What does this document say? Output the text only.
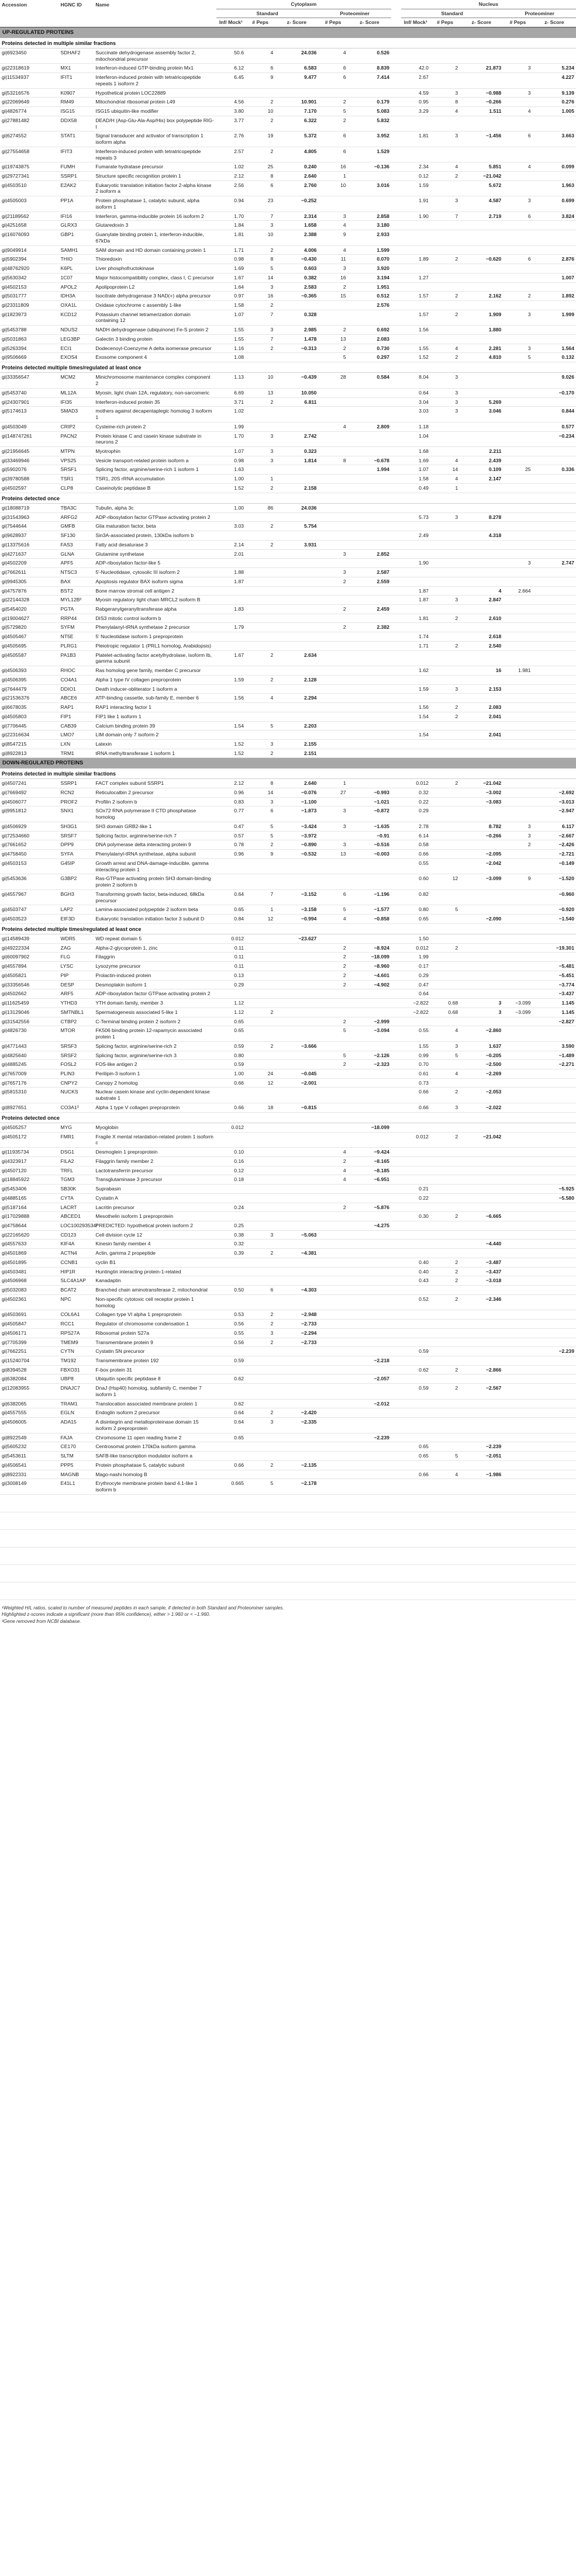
Accession	HGNC ID	Name	Cytoplasm						Nucleus				
			Standard			Proteominer			Standard			Proteominer	
			Inf/ Mock¹	# Peps	z- Score	# Peps	z- Score		Inf/ Mock¹	# Peps	z- Score	# Peps	z- Score
UP-REGULATED PROTEINS													
Proteins detected in multiple similar fractions													
gi|6923450	SDHAF2	Succinate dehydrogenase assembly factor 2, mitochondrial precursor	50.6	4	24.036	4	0.526						
gi|22318619	MX1	Interferon-induced GTP-binding protein Mx1	6.12	6	6.583	6	8.839		42.0	2	21.873	3	5.234
gi|11534937	IFIT1	Interferon-induced protein with tetratricopeptide repeats 1 isoform 2	6.45	9	9.477	6	7.414		2.67				4.227
gi|53216576	K0907	Hypothetical protein LOC22889							4.59	3	−0.988	3	9.139
gi|22069649	RM49	Mitochondrial ribosomal protein L49	4.56	2	10.901	2	0.179		0.95	8	−0.266		0.276
gi|4826774	ISG15	ISG15 ubiquitin-like modifier	3.80	10	7.170	5	5.083		3.29	4	1.511	4	1.005
gi|27881482	DDX58	DEAD/H (Asp-Glu-Ala-Asp/His) box polypeptide RIG-I	3.77	2	6.322	2	5.832						
gi|6274552	STAT1	Signal transducer and activator of transcription 1 isoform alpha	2.76	19	5.372	6	3.952		1.81	3	−1.456	6	3.663
gi|27554658	IFIT3	Interferon-induced protein with tetratricopeptide repeats 3	2.57	2	4.805	6	1.529						
gi|19743875	FUMH	Fumarate hydratase precursor	1.02	25	0.240	16	−0.136		2.34	4	5.851	4	0.099
gi|29727341	SSRP1	Structure specific recognition protein 1	2.12	8	2.640	1			0.12	2	−21.042		
gi|4503510	E2AK2	Eukaryotic translation initiation factor 2-alpha kinase 2 isoform a	2.56	6	2.760	10	3.016		1.59		5.672		1.963
gi|4505003	PP1A	Protein phosphatase 1, catalytic subunit, alpha isoform 1	0.94	23	−0.252				1.91	3	4.587	3	0.699
gi|21189562	IFI16	Interferon, gamma-inducible protein 16 isoform 2	1.70	7	2.314	3	2.858		1.90	7	2.719	6	3.824
gi|4251658	GLRX3	Glutaredoxin 3	1.84	3	1.658	4	3.180						
gi|16076093	GBP1	Guanylate binding protein 1, interferon-inducible, 67kDa	1.81	10	2.388	9	2.933						
gi|9049914	SAMH1	SAM domain and HD domain containing protein 1	1.71	2	4.006	4	1.599						
gi|5902394	THIO	Thioredoxin	0.98	8	−0.430	11	0.070		1.89	2	−0.620	6	2.876
gi|48762920	K6PL	Liver phosphofructokinase	1.69	5	0.603	3	3.920						
gi|5630342	1C07	Major histocompatibility complex, class I, C precursor	1.67	14	0.382	16	3.194		1.27				1.007
gi|4502153	APOL2	Apolipoprotein L2	1.64	3	2.583	2	1.951						
gi|5031777	IDH3A	Isocitrate dehydrogenase 3 NAD(+) alpha precursor	0.97	16	−0.365	15	0.512		1.57	2	2.162	2	1.892
gi|23311809	OXA1L	Oxidase cytochrome c assembly 1-like	1.58	2			2.576						
gi|1823973	KCD12	Potassium channel tetramerization domain containing 12	1.07	7	0.328				1.57	2	1.909	3	1.999
gi|5453788	NDUS2	NADH dehydrogenase (ubiquinone) Fe-S protein 2	1.55	3	2.985	2	0.692		1.56		1.880		
gi|5031863	LEG3BP	Galectin 3 binding protein	1.55	7	1.478	13	2.083						
gi|5263394	ECI1	Dodecenoyl-Coenzyme A delta isomerase precursor	1.16	2	−0.313	2	0.730		1.55	4	2.281	3	1.564
gi|9506669	EXOS4	Exosome component 4	1.08			5	0.297		1.52	2	4.810	5	0.132
Proteins detected multiple times/regulated at least once													
gi|33356547	MCM2	Minichromosome maintenance complex component 2	1.13	10	−0.439	28	0.584		8.04	3			9.026
gi|5453740	ML12A	Myosin, light chain 12A, regulatory, non-sarcomeric	6.69	13	10.050				0.64	3			−0.170
gi|24307901	IFI35	Interferon-induced protein 35	3.71	2	6.811				3.04	3	5.269		
gi|5174613	SMAD3	mothers against decapentaplegic homolog 3 isoform 1	1.02						3.03	3	3.046		0.844
gi|4503049	CRIP2	Cysteine-rich protein 2	1.99			4	2.809		1.18				0.577
gi|148747261	PACN2	Protein kinase C and casein kinase substrate in neurons 2	1.70	3	2.742				1.04				−0.234
gi|21956645	MTPN	Myotrophin	1.07	3	0.323				1.68		2.211		
gi|33469946	VPS25	Vesicle transport-related protein isoform a	0.98	3	1.814	8	−0.678		1.69	4	2.439		
gi|5902076	SRSF1	Splicing factor, arginine/serine-rich 1 isoform 1	1.63				1.994		1.07	14	0.109	25	0.336
gi|39780588	TSR1	TSR1, 20S rRNA accumulation	1.00	1					1.58	4	2.147		
gi|4502597	CLP8	Caseinolytic peptidase B	1.52	2	2.158				0.49	1			
Proteins detected once													
gi|18088719	TBA3C	Tubulin, alpha 3c	1.00	86	24.036								
gi|31543963	ARFG2	ADP-ribosylation factor GTPase activating protein 2							5.73	3	8.278		
gi|7544644	GMFB	Glia maturation factor, beta	3.03	2	5.754								
gi|9628937	SF130	Sin3A-associated protein, 130kDa isoform b							2.49		4.318		
gi|13375616	FAS3	Fatty acid desaturase 3	2.14	2	3.931								
gi|4271637	GLNA	Glutamine synthetase	2.01			3	2.852						
gi|4502209	APF5	ADP-ribosylation factor-like 5							1.90			3	2.747
gi|7662611	NTSC3	5′-Nucleotidase, cytosolic III isoform 2	1.88			3	2.587						
gi|9945305	BAX	Apoptosis regulator BAX isoform sigma	1.87			2	2.559						
gi|4757876	BST2	Bone marrow stromal cell antigen 2							1.87		4	2.664	
gi|22144328	MYL12B²	Myosin regulatory light chain MRCL2 isoform B							1.87	3	2.847		
gi|5454020	PGTA	Rabgeranylgeranyltransferase alpha	1.83			2	2.459						
gi|19004627	RRP44	DIS3 mitotic control isoform b							1.81	2	2.610		
gi|5729820	SYFM	Phenylalanyl-tRNA synthetase 2 precursor	1.79			2	2.382						
gi|4505467	NT5E	5′ Nucleotidase isoform 1 preproprotein							1.74		2.618		
gi|4505695	PLRG1	Pleiotropic regulator 1 (PRL1 homolog, Arabidopsis)							1.71	2	2.540		
gi|4505587	PA1B3	Platelet-activating factor acetylhydrolase, isoform Ib, gamma subunit	1.67	2	2.634								
gi|4506393	RHOC	Ras homolog gene family, member C precursor							1.62		16	1.981	
gi|4506395	CO4A1	Alpha 1 type IV collagen preproprotein	1.59	2	2.128								
gi|7644479	DDIO1	Death inducer-obliterator 1 isoform a							1.59	3	2.153		
gi|21536376	ABCE6	ATP-binding cassette, sub-family E, member 6	1.56	4	2.294								
gi|6678035	RAP1	RAP1 interacting factor 1							1.56	2	2.083		
gi|4505803	FIP1	FIP1 like 1 isoform 1							1.54	2	2.041		
gi|7706445	CAB39	Calcium binding protein 39	1.54	5	2.203								
gi|22316634	LMO7	LIM domain only 7 isoform 2							1.54		2.041		
gi|8547215	LXN	Latexin	1.52	3	2.155								
gi|8922813	TRM1	tRNA methyltransferase 1 isoform 1	1.52	2	2.151								
DOWN-REGULATED PROTEINS													
Proteins detected in multiple similar fractions													
gi|4507241	SSRP1	FACT complex subunit SSRP1	2.12	8	2.640	1			0.012	2	−21.042		
gi|7669492	RCN2	Reticulocalbin 2 precursor	0.96	14	−0.076	27	−0.993		0.32		−3.002		−2.692
gi|4506077	PROF2	Profilin 2 isoform b	0.83	3	−1.100		−1.021		0.22		−3.083		−3.013
gi|9951812	SNX1	SOx72 RNA polymerase II CTD phosphatase homolog	0.77	6	−1.873	3	−0.872		0.29				−2.947
gi|4506929	SH3G1	SH3 domain GRB2-like 1	0.47	5	−3.424	3	−1.635		2.78		8.782	3	6.117
gi|72534660	SRSF7	Splicing factor, arginine/serine-rich 7	0.57	5	−3.972		−0.91		6.14		−0.266	3	−2.667
gi|7661652	DPP9	DNA polymerase delta interacting protein 9	0.78	2	−0.890	3	−0.516		0.58			2	−2.426
gi|4758450	SYFA	Phenylalanyl-tRNA synthetase, alpha subunit	0.96	9	−0.532	13	−0.003		0.66		−2.095		−2.721
gi|4503153	G45IP	Growth arrest and DNA-damage-inducible, gamma interacting protein 1							0.55		−2.042		−0.149
gi|5453636	G3BP2	Ras-GTPase activating protein SH3 domain-binding protein 2 isoform b							0.60	12	−3.099	9	−1.520
gi|4557967	BGH3	Transforming growth factor, beta-induced, 68kDa precursor	0.64	7	−3.152	6	−1.196		0.82				−0.960
gi|4503747	LAP2	Lamina-associated polypeptide 2 isoform beta	0.65	1	−3.158	5	−1.577		0.80	5			−0.920
gi|4503523	EIF3D	Eukaryotic translation initiation factor 3 subunit D	0.84	12	−0.994	4	−0.858		0.65		−2.090		−1.540
Proteins detected multiple times/regulated at least once													
gi|14589439	WDR5	WD repeat domain 5	0.012		−23.627				1.50				
gi|49222334	ZAG	Alpha-2-glycoprotein 1, zinc	0.11			2	−8.924		0.012	2			−19.301
gi|60097902	FLG	Filaggrin	0.11			2	−18.099		1.99				
gi|4557894	LYSC	Lysozyme precursor	0.11			2	−8.960		0.17				−5.481
gi|4505821	PIP	Prolactin-induced protein	0.13			2	−4.601		0.29				−5.451
gi|33356546	DESP	Desmoplakin isoform 1	0.29			2	−4.902		0.47				−3.774
gi|4502662	ARF5	ADP-ribosylation factor GTPase activating protein 2							0.64				−3.437
gi|11625459	YTHD3	YTH domain family, member 3	1.12						−2.822	0.68	3	−3.099	1.145
gi|13129046	SMTNBL1	Spermatogenesis associated 5-like 1	1.12	2					−2.822	0.68	3	−3.099	1.145
gi|31542556	CTBP2	C-Terminal binding protein 2 isoform 2	0.65			2	−2.999						−2.827
gi|4826730	MTOR	FK506 binding protein 12-rapamycin associated protein 1	0.65			5	−3.094		0.55	4	−2.860		
gi|4771443	SRSF3	Splicing factor, arginine/serine-rich 2	0.59	2	−3.666				1.55	3	1.637		3.590
gi|4825640	SRSF2	Splicing factor, arginine/serine-rich 3	0.80			5	−2.126		0.99	5	−0.205		−1.489
gi|4885245	FOSL2	FOS-like antigen 2	0.59			2	−2.323		0.70		−2.500		−2.271
gi|7657009	PLIN3	Perilipin-3 isoform 1	1.00	24	−0.045				0.61	4	−2.269		
gi|7657176	CNPY2	Canopy 2 homolog	0.66	12	−2.001				0.73				
gi|5815310	NUCKS	Nuclear casein kinase and cyclin-dependent kinase substrate 1							0.66	2	−2.053		
gi|8927651	CO3A1³	Alpha 1 type V collagen preproprotein	0.66	18	−0.815				0.66	3	−2.022		
Proteins detected once													
gi|4505257	MYG	Myoglobin	0.012				−18.099						
gi|4505172	FMR1	Fragile X mental retardation-related protein 1 isoform c							0.012	2	−21.042		
gi|11935734	DSG1	Desmoglein 1 preproprotein	0.10			4	−9.424						
gi|4323917	FILA2	Filaggrin family member 2	0.16			2	−8.165						
gi|4507120	TRFL	Lactotransferrin precursor	0.12			4	−8.185						
gi|18845922	TGM3	Transglutaminase 3 precursor	0.18			4	−6.951						
gi|5453406	SB30K	Suprabasin							0.21				−5.925
gi|4885165	CYTA	Cystatin A							0.22				−5.580
gi|5187164	LACRT	Lacritin precursor	0.24			2	−5.876						
gi|17029888	ABCED1	Mesothelin isoform 1 preproprotein							0.30	2	−6.665		
gi|4758644	LOC100293534²	PREDICTED: hypothetical protein isoform 2	0.25				−4.275						
gi|22165620	CD123	Cell division cycle 12	0.38	3	−5.063								
gi|4557633	KIF4A	Kinesin family member 4	0.32								−4.440		
gi|4501869	ACTN4	Actin, gamma 2 propeptide	0.39	2	−4.381								
gi|4501895	CCNB1	cyclin B1							0.40	2	−3.487		
gi|4503481	HIP1R	Huntingtin interacting protein-1-related							0.40	2	−3.437		
gi|4506968	SLC4A1AP	Kanadaptin							0.43	2	−3.018		
gi|5032083	BCAT2	Branched chain aminotransferase 2, mitochondrial	0.50	6	−4.303								
gi|4502361	NPC	Non-specific cytotoxic cell receptor protein 1 homolog							0.52	2	−2.346		
gi|4503691	COL6A1	Collagen type VI alpha 1 preproprotein	0.53	2	−2.948								
gi|4505847	RCC1	Regulator of chromosome condensation 1	0.56	2	−2.733								
gi|4506171	RPS27A	Ribosomal protein S27a	0.55	3	−2.294								
gi|7705399	TMEM9	Transmembrane protein 9	0.56	2	−2.733								
gi|7662251	CYTN	Cystatin SN precursor							0.59				−2.239
gi|15240704	TM192	Transmembrane protein 192	0.59				−2.218						
gi|8394528	FBXO31	F-box protein 31							0.62	2	−2.866		
gi|6382084	UBP8	Ubiquitin specific peptidase 8	0.62				−2.057						
gi|12083955	DNAJC7	DnaJ (Hsp40) homolog, subfamily C, member 7 isoform 1							0.59	2	−2.567		
gi|6382065	TRAM1	Translocation associated membrane protein 1	0.62				−2.012						
gi|4557555	EGLN	Endoglin isoform 2 precursor	0.64	2	−2.420								
gi|4506005	ADA15	A disintegrin and metalloproteinase domain 15 isoform 2 preproprotein	0.64	3	−2.335								
gi|8922549	FAJA	Chromosome 11 open reading frame 2	0.65				−2.239						
gi|5605232	CE170	Centrosomal protein 170kDa isoform gamma							0.65		−2.239		
gi|5453611	SLTM	SAFB-like transcription modulator isoform a							0.65	5	−2.051		
gi|4506541	PPP5	Protein phosphatase 5, catalytic subunit	0.66	2	−2.135								
gi|8922331	MAGNB	Mago-nashi homolog B							0.66	4	−1.986		
gi|3008149	E41L1	Erythrocyte membrane protein band 4.1-like 1 isoform b	0.665	5	−2.178								

¹Weighted H/L ratios, scaled to number of measured peptides in each sample, if detected in both Standard and Proteominer samples.
Highlighted z-scores indicate a significant (more than 95% confidence), either > 1.960 or < −1.960.
²Gene removed from NCBI database.
